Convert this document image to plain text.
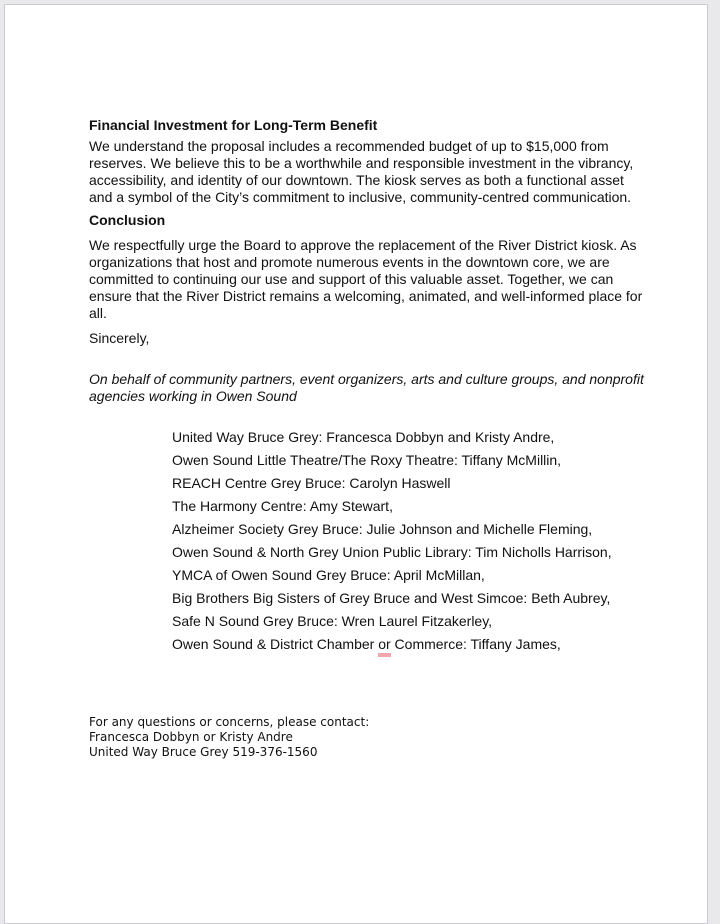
Financial Investment for Long-Term Benefit

We understand the proposal includes a recommended budget of up to $15,000 from reserves. We believe this to be a worthwhile and responsible investment in the vibrancy, accessibility, and identity of our downtown. The kiosk serves as both a functional asset and a symbol of the City’s commitment to inclusive, community-centred communication.

Conclusion

We respectfully urge the Board to approve the replacement of the River District kiosk. As organizations that host and promote numerous events in the downtown core, we are committed to continuing our use and support of this valuable asset. Together, we can ensure that the River District remains a welcoming, animated, and well-informed place for all.

Sincerely,

On behalf of community partners, event organizers, arts and culture groups, and nonprofit agencies working in Owen Sound

United Way Bruce Grey: Francesca Dobbyn and Kristy Andre,
Owen Sound Little Theatre/The Roxy Theatre: Tiffany McMillin,
REACH Centre Grey Bruce: Carolyn Haswell
The Harmony Centre: Amy Stewart,
Alzheimer Society Grey Bruce: Julie Johnson and Michelle Fleming,
Owen Sound & North Grey Union Public Library: Tim Nicholls Harrison,
YMCA of Owen Sound Grey Bruce: April McMillan,
Big Brothers Big Sisters of Grey Bruce and West Simcoe: Beth Aubrey,
Safe N Sound Grey Bruce: Wren Laurel Fitzakerley,
Owen Sound & District Chamber or Commerce: Tiffany James,
For any questions or concerns, please contact:
Francesca Dobbyn or Kristy Andre
United Way Bruce Grey 519-376-1560
